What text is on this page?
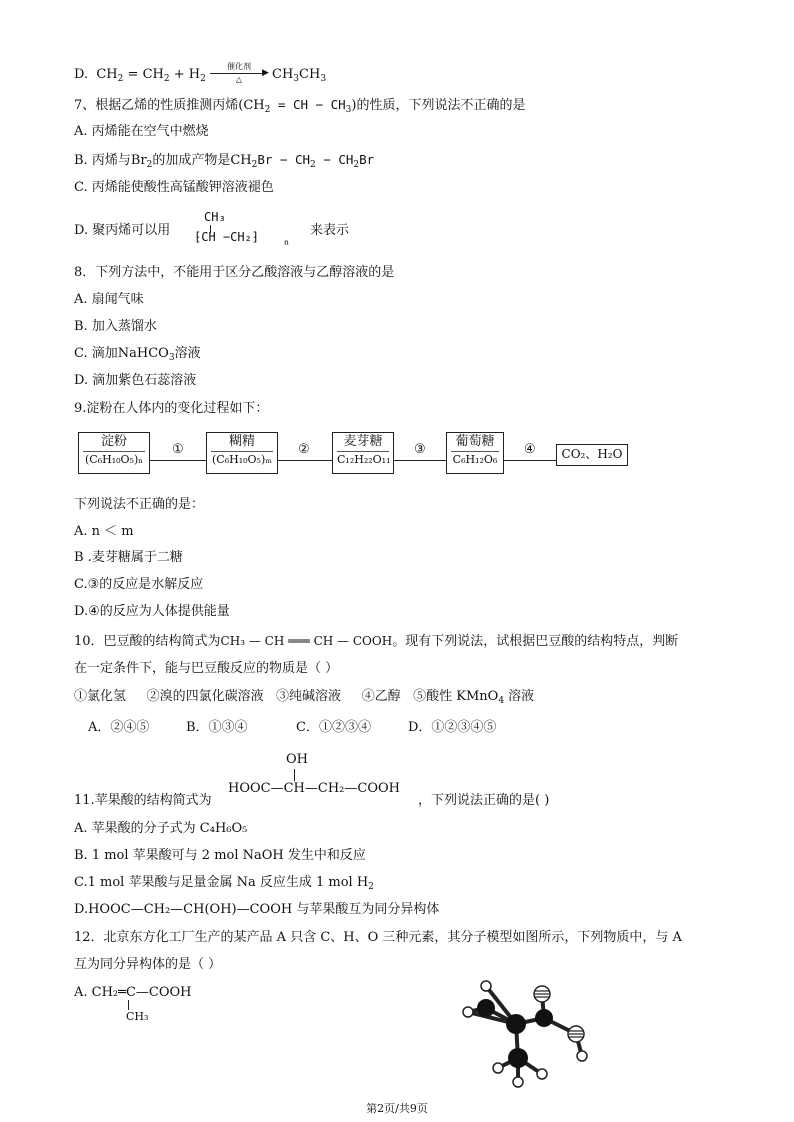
D. $CH_2 = CH_2 + H_2$
催化剂
▶
△	$CH_3CH_3$
7、根据乙烯的性质推测丙烯($CH_2$ = CH − $CH_3$)的性质，下列说法不正确的是
A. 丙烯能在空气中燃烧
B. 丙烯与$Br_2$的加成产物是$CH_2Br - CH_2 - CH_2Br$
C. 丙烯能使酸性高锰酸钾溶液褪色
D. 聚丙烯可以用
CH₃
⁅CH −CH₂⁆	n
来表示
8．下列方法中，不能用于区分乙酸溶液与乙醇溶液的是
A. 扇闻气味
B. 加入蒸馏水
C. 滴加NaHCO$_3$溶液
D. 滴加紫色石蕊溶液
9.淀粉在人体内的变化过程如下：
淀粉
(C₆H₁₀O₅)ₙ
①
糊精
(C₆H₁₀O₅)ₘ
②
麦芽糖
C₁₂H₂₂O₁₁
③
葡萄糖
C₆H₁₂O₆
④	CO₂、H₂O
下列说法不正确的是：
A. n ＜ m
B .麦芽糖属于二糖
C.③的反应是水解反应
D.④的反应为人体提供能量
10．巴豆酸的结构简式为CH₃ — CH ═══ CH — COOH。现有下列说法，试根据巴豆酸的结构特点，判断
在一定条件下，能与巴豆酸反应的物质是（ ）
①氯化氢     ②溴的四氯化碳溶液   ③纯碱溶液     ④乙醇   ⑤酸性 KMnO$_4$ 溶液
A．②④⑤	B．①③④	C．①②③④	D．①②③④⑤
OH
HOOC—CH—CH₂—COOH
11.苹果酸的结构简式为	，下列说法正确的是( )
A. 苹果酸的分子式为 C₄H₆O₅
B. 1 mol 苹果酸可与 2 mol NaOH 发生中和反应
C.1 mol 苹果酸与足量金属 Na 反应生成 1 mol $H_2$
D.HOOC—CH₂—CH(OH)—COOH 与苹果酸互为同分异构体
12．北京东方化工厂生产的某产品 A 只含 C、H、O 三种元素，其分子模型如图所示，下列物质中，与 A
互为同分异构体的是（ ）
A. CH₂═C—COOH
CH₃
第2页/共9页
